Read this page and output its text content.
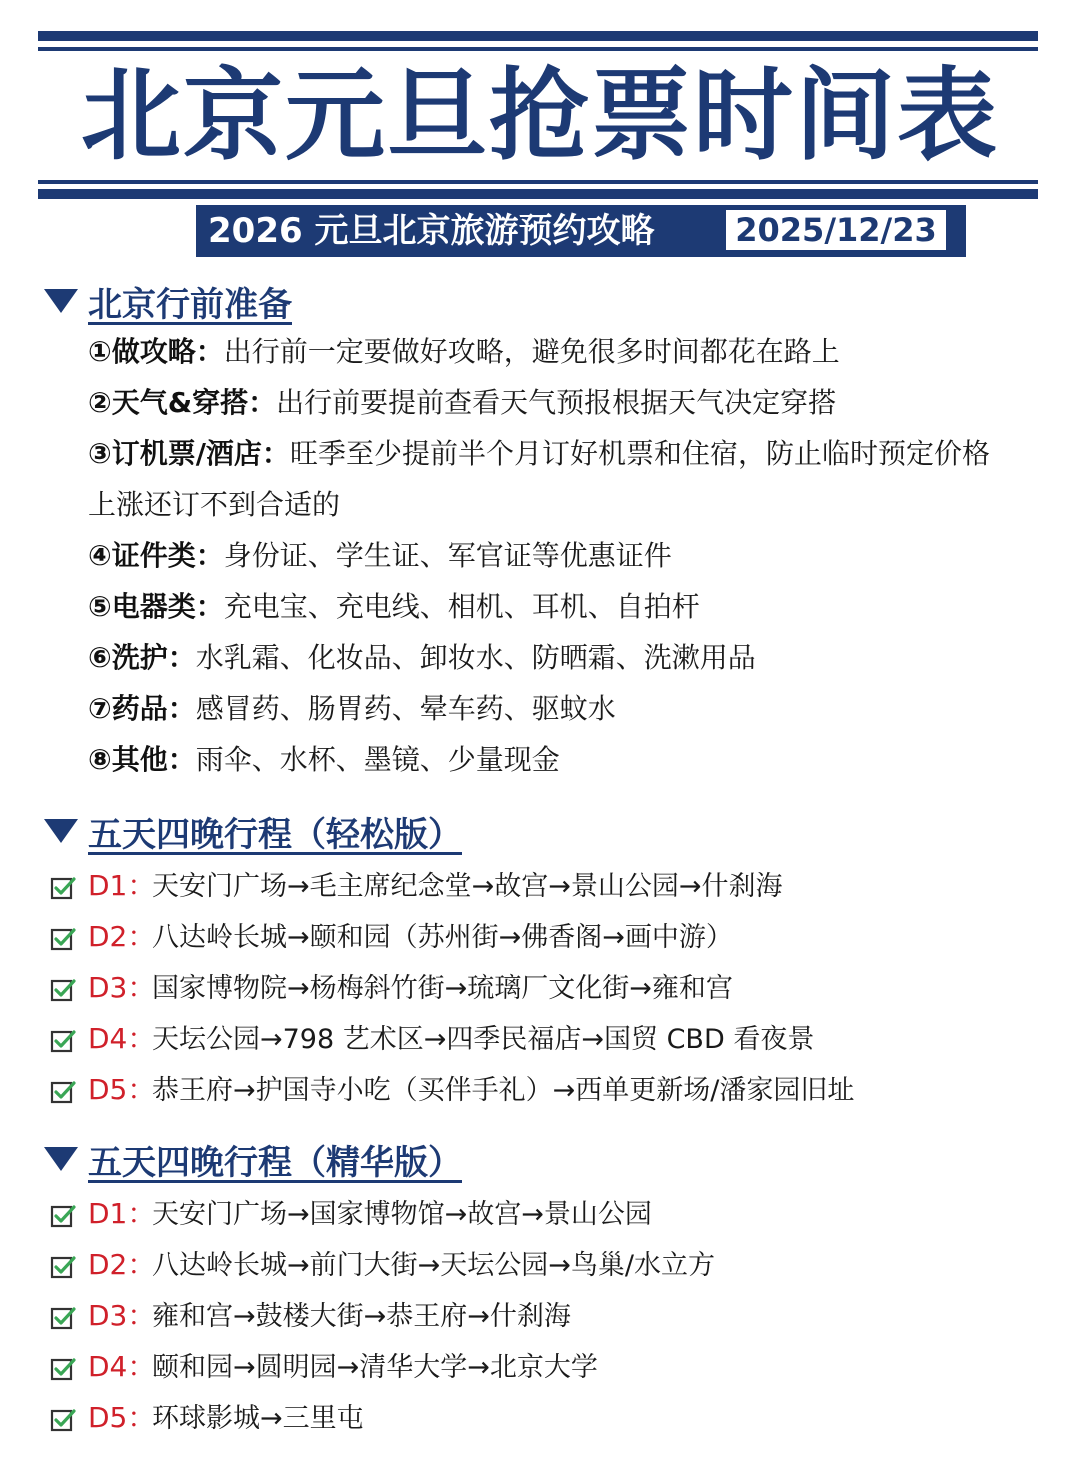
北京元旦抢票时间表
2026 元旦北京旅游预约攻略	2025/12/23
北京行前准备
①做攻略：出行前一定要做好攻略，避免很多时间都花在路上
②天气&穿搭：出行前要提前查看天气预报根据天气决定穿搭
③订机票/酒店：旺季至少提前半个月订好机票和住宿，防止临时预定价格
上涨还订不到合适的
④证件类：身份证、学生证、军官证等优惠证件
⑤电器类：充电宝、充电线、相机、耳机、自拍杆
⑥洗护：水乳霜、化妆品、卸妆水、防晒霜、洗漱用品
⑦药品：感冒药、肠胃药、晕车药、驱蚊水
⑧其他：雨伞、水杯、墨镜、少量现金
五天四晚行程（轻松版）
D1：
天安门广场→毛主席纪念堂→故宫→景山公园→什刹海
D2：
八达岭长城→颐和园（苏州街→佛香阁→画中游）
D3：
国家博物院→杨梅斜竹街→琉璃厂文化街→雍和宫
D4：
天坛公园→798 艺术区→四季民福店→国贸 CBD 看夜景
D5：
恭王府→护国寺小吃（买伴手礼）→西单更新场/潘家园旧址
五天四晚行程（精华版）
D1：
天安门广场→国家博物馆→故宫→景山公园
D2：
八达岭长城→前门大街→天坛公园→鸟巢/水立方
D3：
雍和宫→鼓楼大街→恭王府→什刹海
D4：
颐和园→圆明园→清华大学→北京大学
D5：
环球影城→三里屯
